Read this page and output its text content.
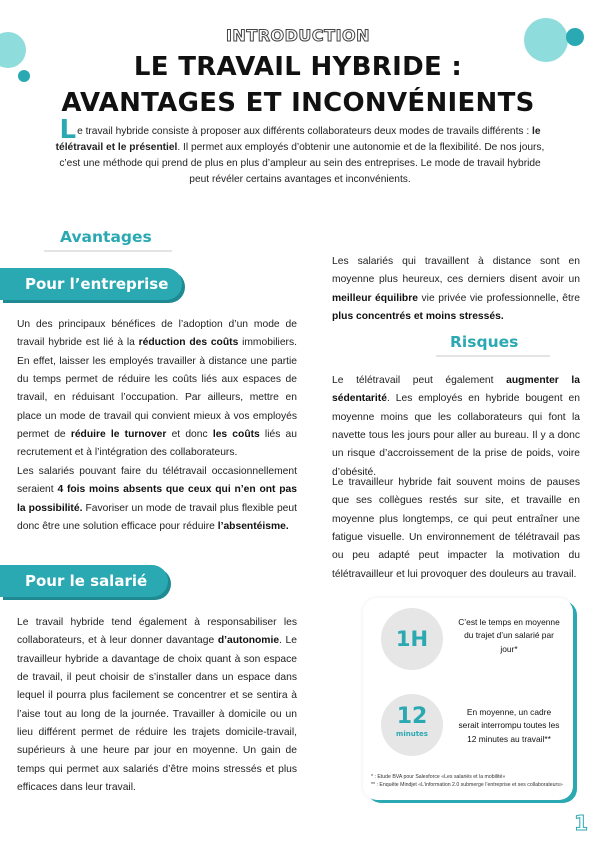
INTRODUCTION
LE TRAVAIL HYBRIDE :
AVANTAGES ET INCONVÉNIENTS

Le travail hybride consiste à proposer aux différents collaborateurs deux modes de travails différents : le télétravail et le présentiel. Il permet aux employés d’obtenir une autonomie et de la flexibilité. De nos jours, c’est une méthode qui prend de plus en plus d’ampleur au sein des entreprises. Le mode de travail hybride peut révéler certains avantages et inconvénients.

Avantages
Pour l’entreprise

Un des principaux bénéfices de l’adoption d’un mode de travail hybride est lié à la réduction des coûts immobiliers. En effet, laisser les employés travailler à distance une partie du temps permet de réduire les coûts liés aux espaces de travail, en réduisant l’occupation. Par ailleurs, mettre en place un mode de travail qui convient mieux à vos employés permet de réduire le turnover et donc les coûts liés au recrutement et à l’intégration des collaborateurs.

Les salariés pouvant faire du télétravail occasionnellement seraient 4 fois moins absents que ceux qui n’en ont pas la possibilité. Favoriser un mode de travail plus flexible peut donc être une solution efficace pour réduire l’absentéisme.

Pour le salarié

Le travail hybride tend également à responsabiliser les collaborateurs, et à leur donner davantage d’autonomie. Le travailleur hybride a davantage de choix quant à son espace de travail, il peut choisir de s’installer dans un espace dans lequel il pourra plus facilement se concentrer et se sentira à l’aise tout au long de la journée. Travailler à domicile ou un lieu différent permet de réduire les trajets domicile-travail, supérieurs à une heure par jour en moyenne. Un gain de temps qui permet aux salariés d’être moins stressés et plus efficaces dans leur travail.

Les salariés qui travaillent à distance sont en moyenne plus heureux, ces derniers disent avoir un meilleur équilibre vie privée vie professionnelle, être plus concentrés et moins stressés.

Risques

Le télétravail peut également augmenter la sédentarité. Les employés en hybride bougent en moyenne moins que les collaborateurs qui font la navette tous les jours pour aller au bureau. Il y a donc un risque d’accroissement de la prise de poids, voire d’obésité.

Le travailleur hybride fait souvent moins de pauses que ses collègues restés sur site, et travaille en moyenne plus longtemps, ce qui peut entraîner une fatigue visuelle. Un environnement de télétravail pas ou peu adapté peut impacter la motivation du télétravailleur et lui provoquer des douleurs au travail.

1H
C’est le temps en moyenne du trajet d’un salarié par jour*
12
minutes
En moyenne, un cadre serait interrompu toutes les 12 minutes au travail**
* : Etude BVA pour Salesforce «Les salariés et la mobilité»
** : Enquête Mindjet «L’information 2.0 submerge l’entreprise et ses collaborateurs»
1
